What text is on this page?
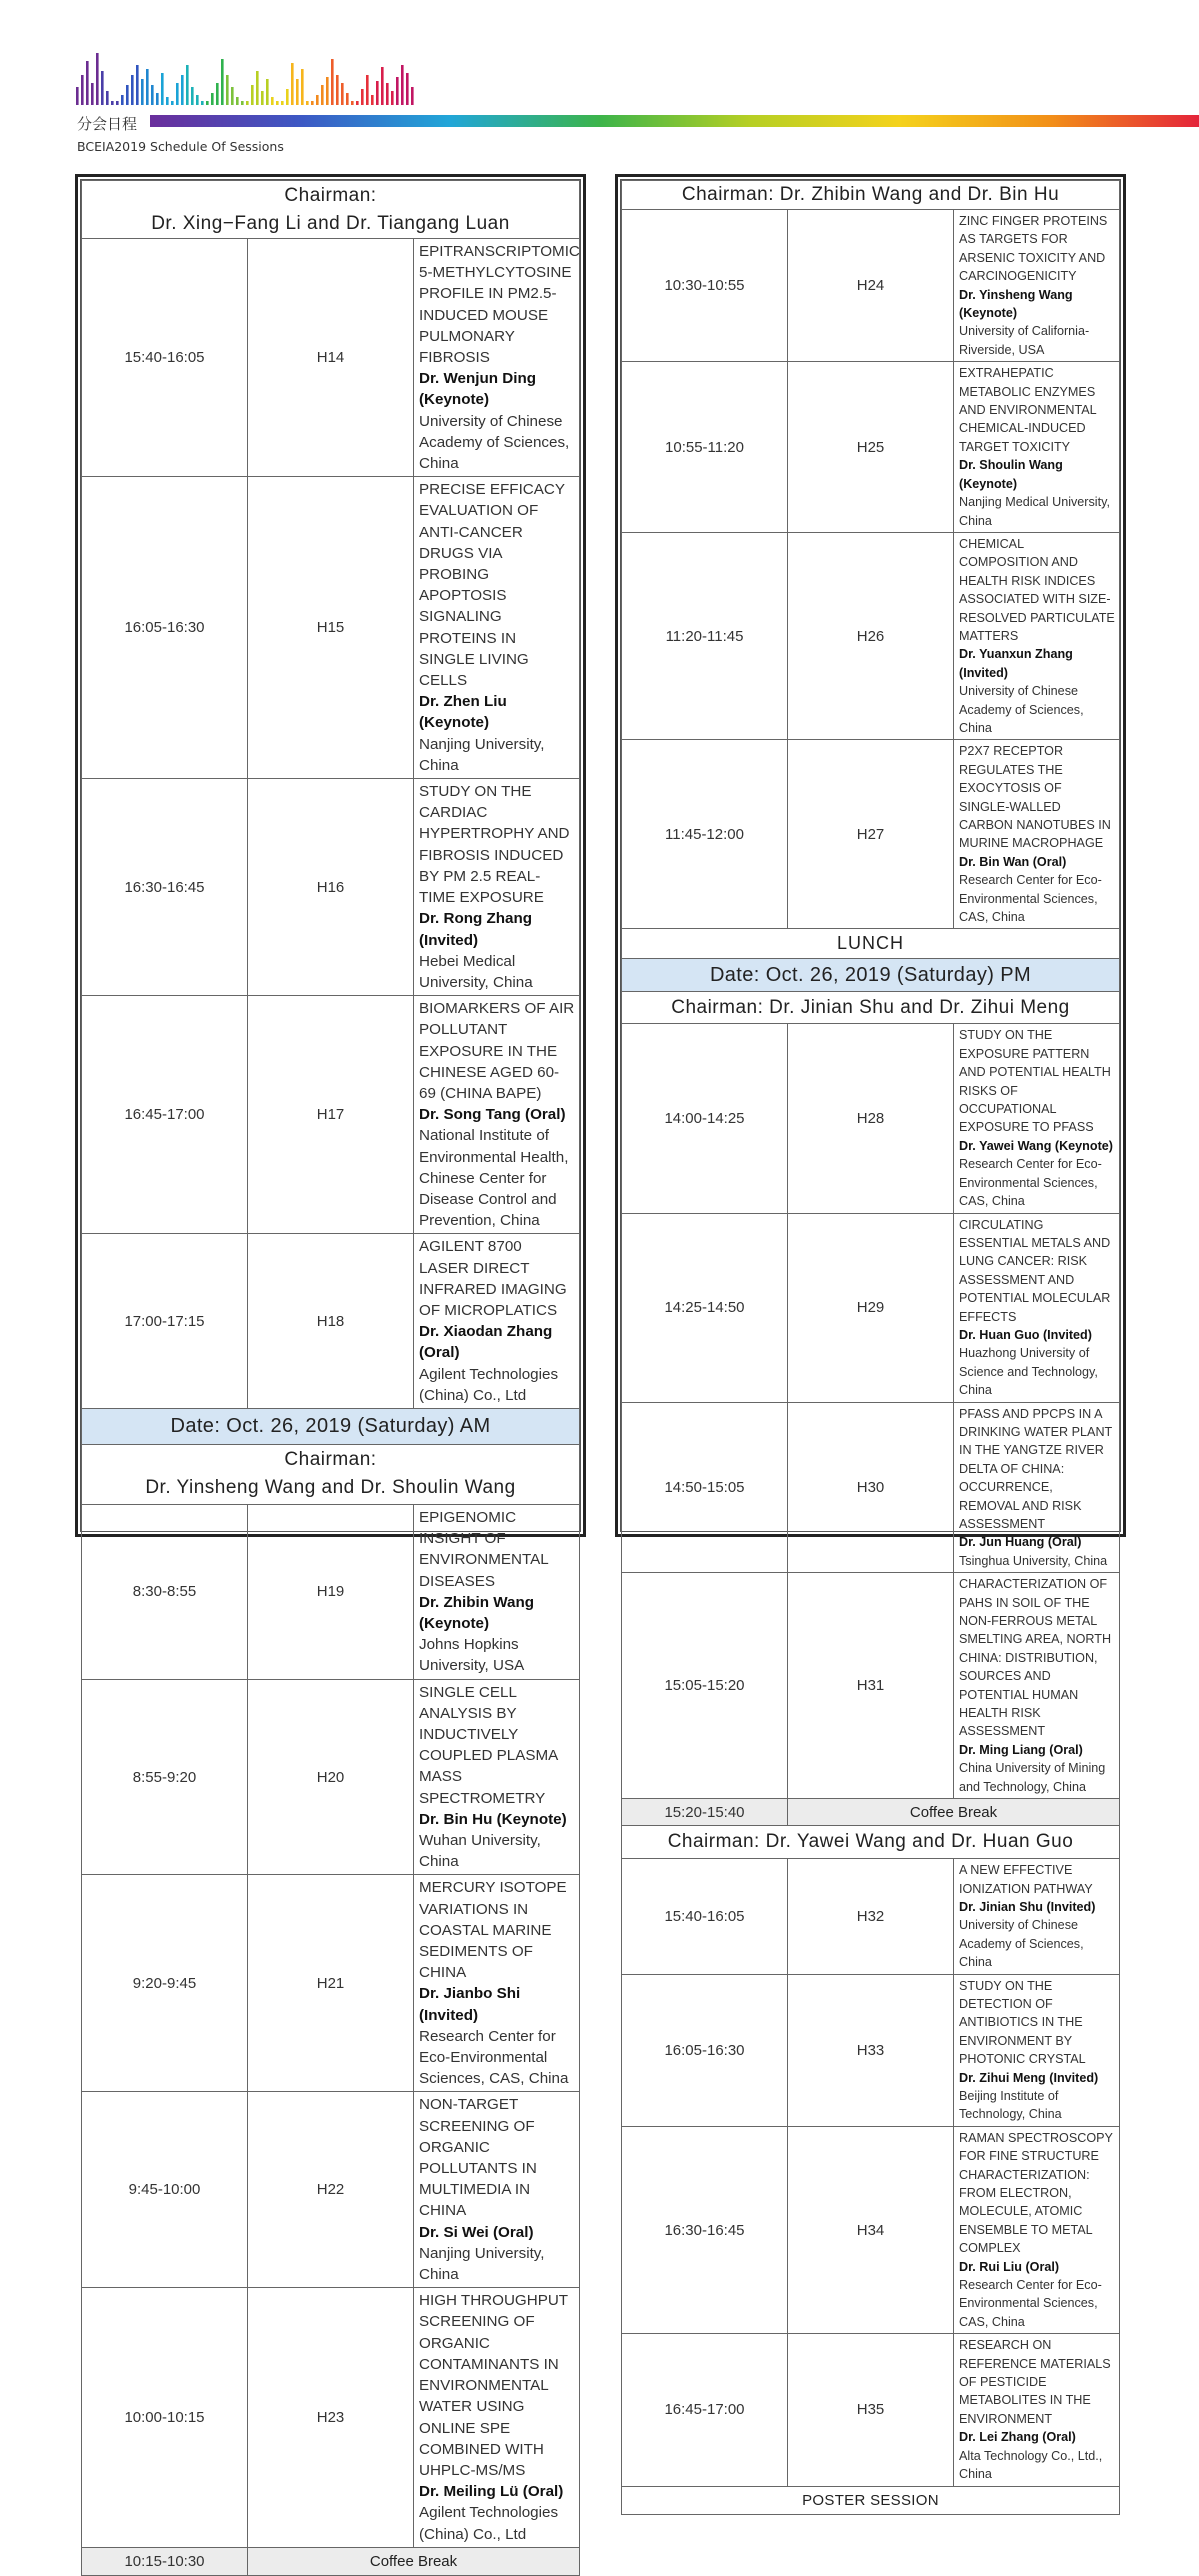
分会日程
BCEIA2019 Schedule Of Sessions
Chairman:
Dr. Xing−Fang Li and Dr. Tiangang Luan		

15:40-16:05	H14	EPITRANSCRIPTOMIC 5-METHYLCYTOSINE PROFILE IN PM2.5-INDUCED MOUSE PULMONARY FIBROSIS
Dr. Wenjun Ding (Keynote)
University of Chinese Academy of Sciences, China

16:05-16:30	H15	PRECISE EFFICACY EVALUATION OF ANTI-CANCER DRUGS VIA PROBING APOPTOSIS SIGNALING PROTEINS IN SINGLE LIVING CELLS
Dr. Zhen Liu (Keynote)
Nanjing University, China

16:30-16:45	H16	STUDY ON THE CARDIAC HYPERTROPHY AND FIBROSIS INDUCED BY PM 2.5 REAL-TIME EXPOSURE
Dr. Rong Zhang (Invited)
Hebei Medical University, China

16:45-17:00	H17	BIOMARKERS OF AIR POLLUTANT EXPOSURE IN THE CHINESE AGED 60-69 (CHINA BAPE)
Dr. Song Tang (Oral)
National Institute of Environmental Health, Chinese Center for Disease Control and Prevention, China

17:00-17:15	H18	AGILENT 8700 LASER DIRECT INFRARED IMAGING OF MICROPLATICS
Dr. Xiaodan Zhang (Oral)
Agilent Technologies (China) Co., Ltd

Date: Oct. 26, 2019 (Saturday) AM		

Chairman:
Dr. Yinsheng Wang and Dr. Shoulin Wang		

8:30-8:55	H19	EPIGENOMIC INSIGHT OF ENVIRONMENTAL DISEASES
Dr. Zhibin Wang (Keynote)
Johns Hopkins University, USA

8:55-9:20	H20	SINGLE CELL ANALYSIS BY INDUCTIVELY COUPLED PLASMA MASS SPECTROMETRY
Dr. Bin Hu (Keynote)
Wuhan University, China

9:20-9:45	H21	MERCURY ISOTOPE VARIATIONS IN COASTAL MARINE SEDIMENTS OF CHINA
Dr. Jianbo Shi (Invited)
Research Center for Eco-Environmental Sciences, CAS, China

9:45-10:00	H22	NON-TARGET SCREENING OF ORGANIC POLLUTANTS IN MULTIMEDIA IN CHINA
Dr. Si Wei (Oral)
Nanjing University, China

10:00-10:15	H23	HIGH THROUGHPUT SCREENING OF ORGANIC CONTAMINANTS IN ENVIRONMENTAL WATER USING ONLINE SPE COMBINED WITH UHPLC-MS/MS
Dr. Meiling Lü (Oral)
Agilent Technologies (China) Co., Ltd

10:15-10:30	Coffee Break	
Chairman: Dr. Zhibin Wang and Dr. Bin Hu		
10:30-10:55	H24	ZINC FINGER PROTEINS AS TARGETS FOR ARSENIC TOXICITY AND CARCINOGENICITY
Dr. Yinsheng Wang (Keynote)
University of California-Riverside, USA

10:55-11:20	H25	EXTRAHEPATIC METABOLIC ENZYMES AND ENVIRONMENTAL CHEMICAL-INDUCED TARGET TOXICITY
Dr. Shoulin Wang (Keynote)
Nanjing Medical University, China

11:20-11:45	H26	CHEMICAL COMPOSITION AND HEALTH RISK INDICES ASSOCIATED WITH SIZE-RESOLVED PARTICULATE MATTERS
Dr. Yuanxun Zhang (Invited)
University of Chinese Academy of Sciences, China

11:45-12:00	H27	P2X7 RECEPTOR REGULATES THE EXOCYTOSIS OF SINGLE-WALLED CARBON NANOTUBES IN MURINE MACROPHAGE
Dr. Bin Wan (Oral)
Research Center for Eco-Environmental Sciences, CAS, China

LUNCH		
Date: Oct. 26, 2019 (Saturday) PM		
Chairman: Dr. Jinian Shu and Dr. Zihui Meng		
14:00-14:25	H28	STUDY ON THE EXPOSURE PATTERN AND POTENTIAL HEALTH RISKS OF OCCUPATIONAL EXPOSURE TO PFASS
Dr. Yawei Wang (Keynote)
Research Center for Eco-Environmental Sciences, CAS, China

14:25-14:50	H29	CIRCULATING ESSENTIAL METALS AND LUNG CANCER: RISK ASSESSMENT AND POTENTIAL MOLECULAR EFFECTS
Dr. Huan Guo (Invited)
Huazhong University of Science and Technology, China

14:50-15:05	H30	PFASS AND PPCPS IN A DRINKING WATER PLANT IN THE YANGTZE RIVER DELTA OF CHINA: OCCURRENCE, REMOVAL AND RISK ASSESSMENT
Dr. Jun Huang (Oral)
Tsinghua University, China

15:05-15:20	H31	CHARACTERIZATION OF PAHS IN SOIL OF THE NON-FERROUS METAL SMELTING AREA, NORTH CHINA: DISTRIBUTION, SOURCES AND POTENTIAL HUMAN HEALTH RISK ASSESSMENT
Dr. Ming Liang (Oral)
China University of Mining and Technology, China

15:20-15:40	Coffee Break	
Chairman: Dr. Yawei Wang and Dr. Huan Guo		
15:40-16:05	H32	A NEW EFFECTIVE IONIZATION PATHWAY
Dr. Jinian Shu (Invited)
University of Chinese Academy of Sciences, China

16:05-16:30	H33	STUDY ON THE DETECTION OF ANTIBIOTICS IN THE ENVIRONMENT BY PHOTONIC CRYSTAL
Dr. Zihui Meng (Invited)
Beijing Institute of Technology, China

16:30-16:45	H34	RAMAN SPECTROSCOPY FOR FINE STRUCTURE CHARACTERIZATION: FROM ELECTRON, MOLECULE, ATOMIC ENSEMBLE TO METAL COMPLEX
Dr. Rui Liu (Oral)
Research Center for Eco-Environmental Sciences, CAS, China

16:45-17:00	H35	RESEARCH ON REFERENCE MATERIALS OF PESTICIDE METABOLITES IN THE ENVIRONMENT
Dr. Lei Zhang (Oral)
Alta Technology Co., Ltd., China

POSTER SESSION		
